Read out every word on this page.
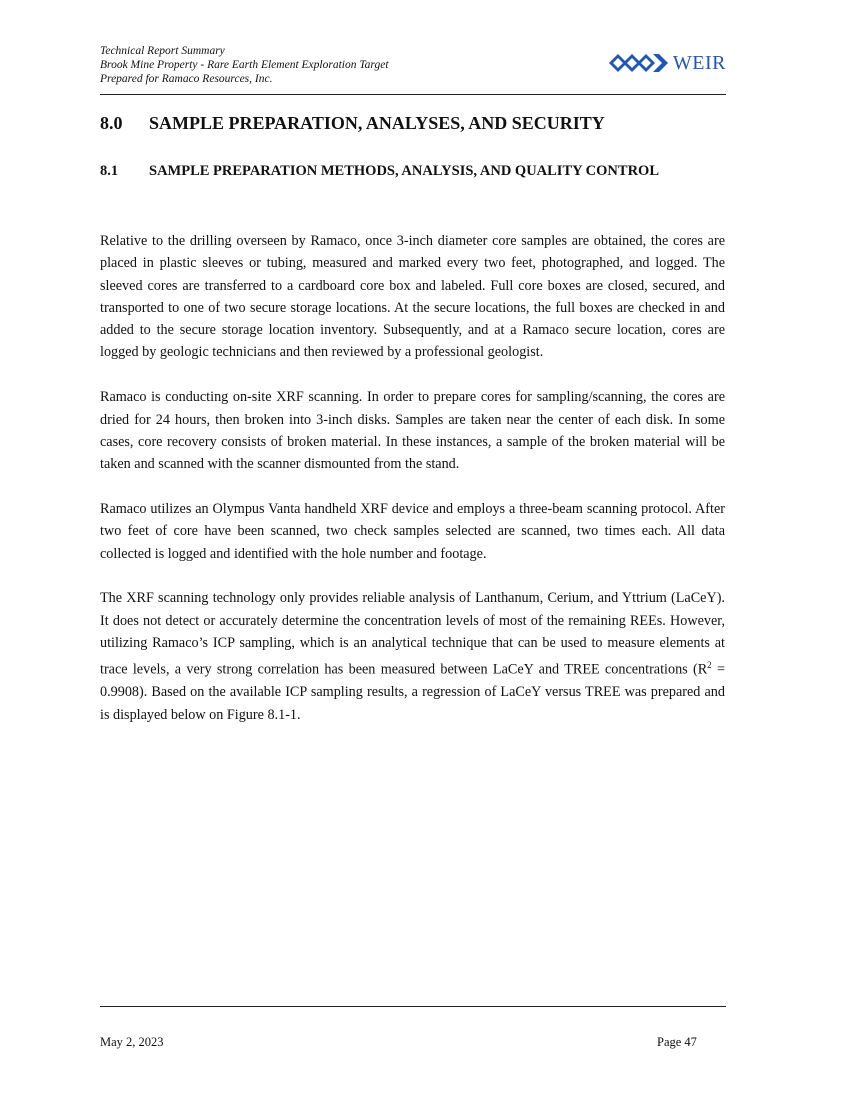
Technical Report Summary
Brook Mine Property - Rare Earth Element Exploration Target
Prepared for Ramaco Resources, Inc.
WEIR
8.0 SAMPLE PREPARATION, ANALYSES, AND SECURITY
8.1 SAMPLE PREPARATION METHODS, ANALYSIS, AND QUALITY CONTROL

Relative to the drilling overseen by Ramaco, once 3-inch diameter core samples are obtained, the cores are placed in plastic sleeves or tubing, measured and marked every two feet, photographed, and logged. The sleeved cores are transferred to a cardboard core box and labeled. Full core boxes are closed, secured, and transported to one of two secure storage locations. At the secure locations, the full boxes are checked in and added to the secure storage location inventory. Subsequently, and at a Ramaco secure location, cores are logged by geologic technicians and then reviewed by a professional geologist.

Ramaco is conducting on-site XRF scanning. In order to prepare cores for sampling/scanning, the cores are dried for 24 hours, then broken into 3-inch disks. Samples are taken near the center of each disk. In some cases, core recovery consists of broken material. In these instances, a sample of the broken material will be taken and scanned with the scanner dismounted from the stand.

Ramaco utilizes an Olympus Vanta handheld XRF device and employs a three-beam scanning protocol. After two feet of core have been scanned, two check samples selected are scanned, two times each. All data collected is logged and identified with the hole number and footage.

The XRF scanning technology only provides reliable analysis of Lanthanum, Cerium, and Yttrium (LaCeY). It does not detect or accurately determine the concentration levels of most of the remaining REEs. However, utilizing Ramaco’s ICP sampling, which is an analytical technique that can be used to measure elements at trace levels, a very strong correlation has been measured between LaCeY and TREE concentrations $(R^2 = 0.9908)$. Based on the available ICP sampling results, a regression of LaCeY versus TREE was prepared and is displayed below on Figure 8.1-1.

May 2, 2023	Page 47
